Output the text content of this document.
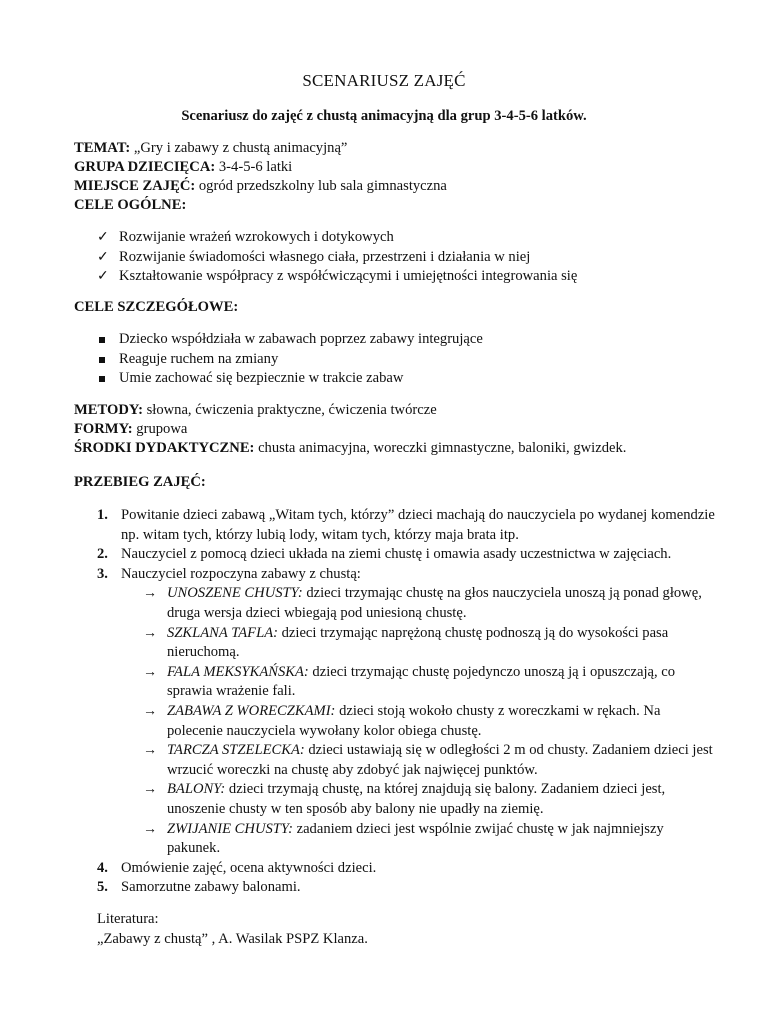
SCENARIUSZ ZAJĘĆ
Scenariusz do zajęć z chustą animacyjną dla grup 3-4-5-6 latków.
TEMAT: „Gry i zabawy z chustą animacyjną”
GRUPA DZIECIĘCA: 3-4-5-6 latki
MIEJSCE ZAJĘĆ: ogród przedszkolny lub sala gimnastyczna
CELE OGÓLNE:
✓ Rozwijanie wrażeń wzrokowych i dotykowych
✓ Rozwijanie świadomości własnego ciała, przestrzeni i działania w niej
✓ Kształtowanie współpracy z współćwiczącymi i umiejętności integrowania się
CELE SZCZEGÓŁOWE:
Dziecko współdziała w zabawach poprzez zabawy integrujące
Reaguje ruchem na zmiany
Umie zachować się bezpiecznie w trakcie zabaw
METODY: słowna, ćwiczenia praktyczne, ćwiczenia twórcze
FORMY: grupowa
ŚRODKI DYDAKTYCZNE: chusta animacyjna, woreczki gimnastyczne, baloniki, gwizdek.
PRZEBIEG ZAJĘĆ:
1. Powitanie dzieci zabawą „Witam tych, którzy” dzieci machają do nauczyciela po wydanej komendzie np. witam tych, którzy lubią lody, witam tych, którzy maja brata itp.
2. Nauczyciel z pomocą dzieci układa na ziemi chustę i omawia asady uczestnictwa w zajęciach.
3. Nauczyciel rozpoczyna zabawy z chustą:
→ UNOSZENE CHUSTY: dzieci trzymając chustę na głos nauczyciela unoszą ją ponad głowę, druga wersja dzieci wbiegają pod uniesioną chustę.
→ SZKLANA TAFLA: dzieci trzymając naprężoną chustę podnoszą ją do wysokości pasa nieruchomą.
→ FALA MEKSYKAŃSKA: dzieci trzymając chustę pojedynczo unoszą ją i opuszczają, co sprawia wrażenie fali.
→ ZABAWA Z WORECZKAMI: dzieci stoją wokoło chusty z woreczkami w rękach. Na polecenie nauczyciela wywołany kolor obiega chustę.
→ TARCZA STZELECKA: dzieci ustawiają się w odległości 2 m od chusty. Zadaniem dzieci jest wrzucić woreczki na chustę aby zdobyć jak najwięcej punktów.
→ BALONY: dzieci trzymają chustę, na której znajdują się balony. Zadaniem dzieci jest, unoszenie chusty w ten sposób aby balony nie upadły na ziemię.
→ ZWIJANIE CHUSTY: zadaniem dzieci jest wspólnie zwijać chustę w jak najmniejszy pakunek.
4. Omówienie zajęć, ocena aktywności dzieci.
5. Samorzutne zabawy balonami.
Literatura:
„Zabawy z chustą” , A. Wasilak PSPZ Klanza.
